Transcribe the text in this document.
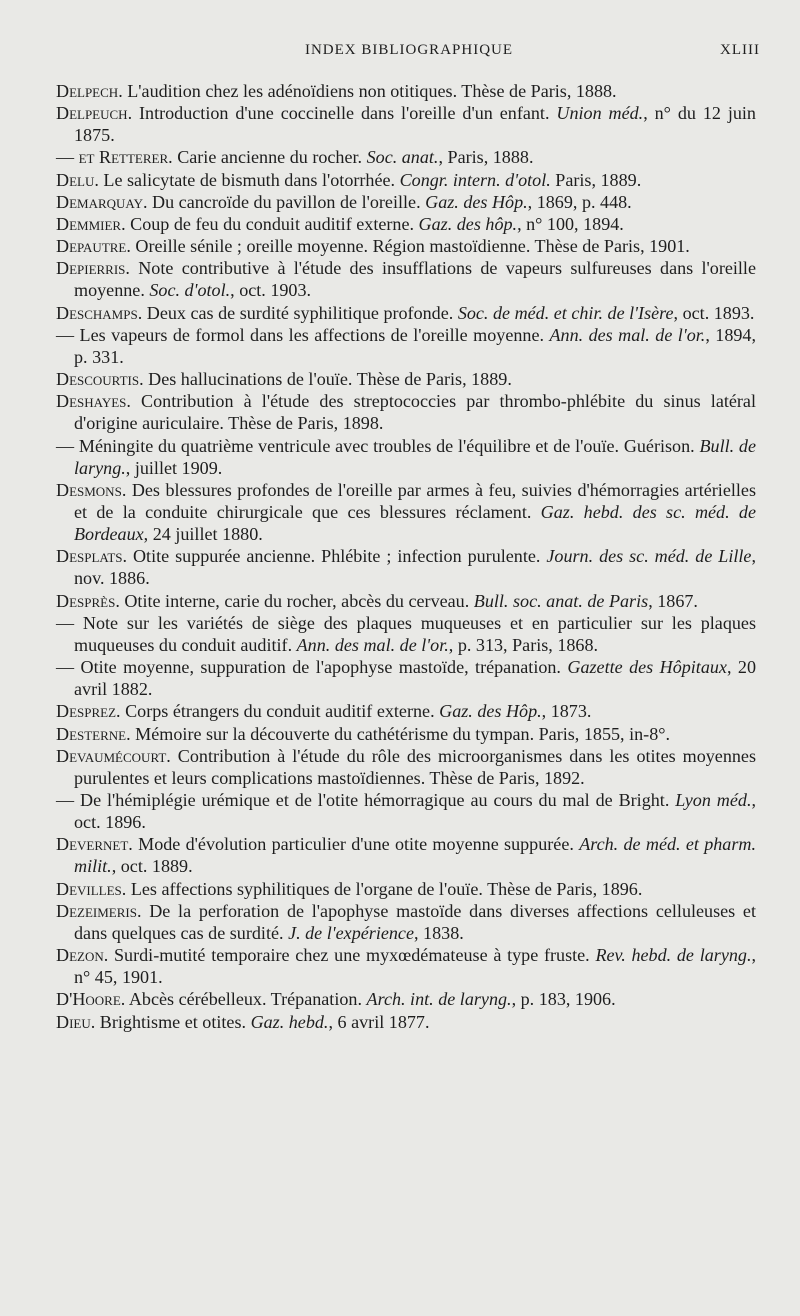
INDEX BIBLIOGRAPHIQUE	XLIII
Delpech. L'audition chez les adénoïdiens non otitiques. Thèse de Paris, 1888.
Delpeuch. Introduction d'une coccinelle dans l'oreille d'un enfant. Union méd., n° du 12 juin 1875.
— et Retterer. Carie ancienne du rocher. Soc. anat., Paris, 1888.
Delu. Le salicytate de bismuth dans l'otorrhée. Congr. intern. d'otol. Paris, 1889.
Demarquay. Du cancroïde du pavillon de l'oreille. Gaz. des Hôp., 1869, p. 448.
Demmier. Coup de feu du conduit auditif externe. Gaz. des hôp., n° 100, 1894.
Depautre. Oreille sénile ; oreille moyenne. Région mastoïdienne. Thèse de Paris, 1901.
Depierris. Note contributive à l'étude des insufflations de vapeurs sulfureuses dans l'oreille moyenne. Soc. d'otol., oct. 1903.
Deschamps. Deux cas de surdité syphilitique profonde. Soc. de méd. et chir. de l'Isère, oct. 1893.
— Les vapeurs de formol dans les affections de l'oreille moyenne. Ann. des mal. de l'or., 1894, p. 331.
Descourtis. Des hallucinations de l'ouïe. Thèse de Paris, 1889.
Deshayes. Contribution à l'étude des streptococcies par thrombo-phlébite du sinus latéral d'origine auriculaire. Thèse de Paris, 1898.
— Méningite du quatrième ventricule avec troubles de l'équilibre et de l'ouïe. Guérison. Bull. de laryng., juillet 1909.
Desmons. Des blessures profondes de l'oreille par armes à feu, suivies d'hémorragies artérielles et de la conduite chirurgicale que ces blessures réclament. Gaz. hebd. des sc. méd. de Bordeaux, 24 juillet 1880.
Desplats. Otite suppurée ancienne. Phlébite ; infection purulente. Journ. des sc. méd. de Lille, nov. 1886.
Desprès. Otite interne, carie du rocher, abcès du cerveau. Bull. soc. anat. de Paris, 1867.
— Note sur les variétés de siège des plaques muqueuses et en particulier sur les plaques muqueuses du conduit auditif. Ann. des mal. de l'or., p. 313, Paris, 1868.
— Otite moyenne, suppuration de l'apophyse mastoïde, trépanation. Gazette des Hôpitaux, 20 avril 1882.
Desprez. Corps étrangers du conduit auditif externe. Gaz. des Hôp., 1873.
Desterne. Mémoire sur la découverte du cathétérisme du tympan. Paris, 1855, in-8°.
Devaumécourt. Contribution à l'étude du rôle des microorganismes dans les otites moyennes purulentes et leurs complications mastoïdiennes. Thèse de Paris, 1892.
— De l'hémiplégie urémique et de l'otite hémorragique au cours du mal de Bright. Lyon méd., oct. 1896.
Devernet. Mode d'évolution particulier d'une otite moyenne suppurée. Arch. de méd. et pharm. milit., oct. 1889.
Devilles. Les affections syphilitiques de l'organe de l'ouïe. Thèse de Paris, 1896.
Dezeimeris. De la perforation de l'apophyse mastoïde dans diverses affections celluleuses et dans quelques cas de surdité. J. de l'expérience, 1838.
Dezon. Surdi-mutité temporaire chez une myxœdémateuse à type fruste. Rev. hebd. de laryng., n° 45, 1901.
D'Hoore. Abcès cérébelleux. Trépanation. Arch. int. de laryng., p. 183, 1906.
Dieu. Brightisme et otites. Gaz. hebd., 6 avril 1877.
